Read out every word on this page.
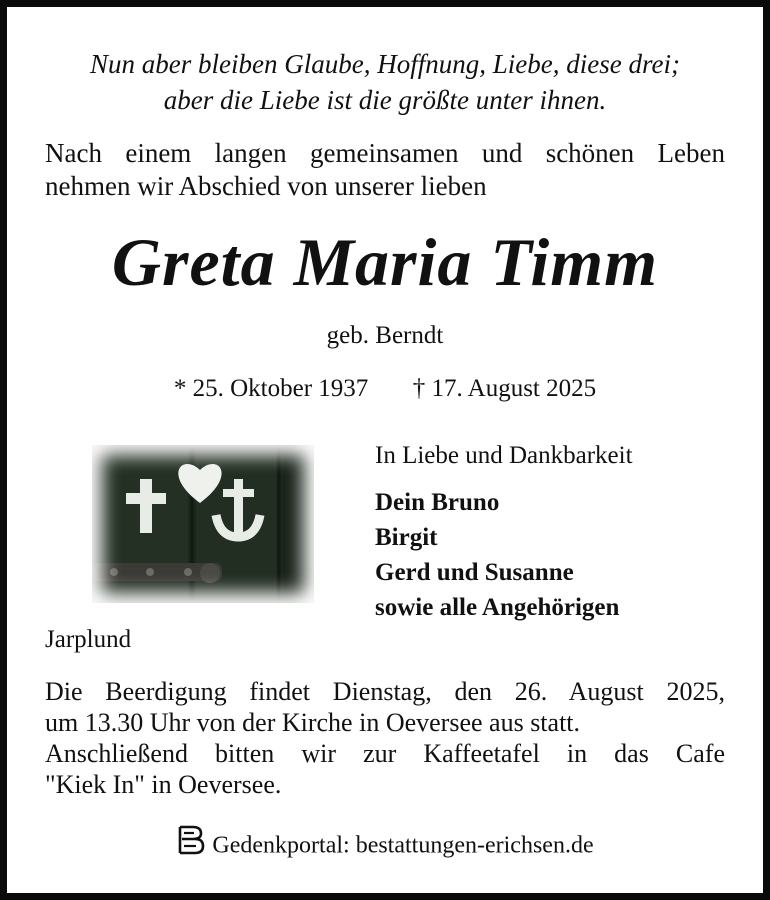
Nun aber bleiben Glaube, Hoffnung, Liebe, diese drei;
aber die Liebe ist die größte unter ihnen.
Nach einem langen gemeinsamen und schönen Leben
nehmen wir Abschied von unserer lieben
Greta Maria Timm
geb. Berndt
* 25. Oktober 1937 † 17. August 2025
In Liebe und Dankbarkeit
Dein Bruno
Birgit
Gerd und Susanne
sowie alle Angehörigen
Jarplund
Die Beerdigung findet Dienstag, den 26. August 2025,
um 13.30 Uhr von der Kirche in Oeversee aus statt.
Anschließend bitten wir zur Kaffeetafel in das Cafe
"Kiek In" in Oeversee.
Gedenkportal: bestattungen-erichsen.de
